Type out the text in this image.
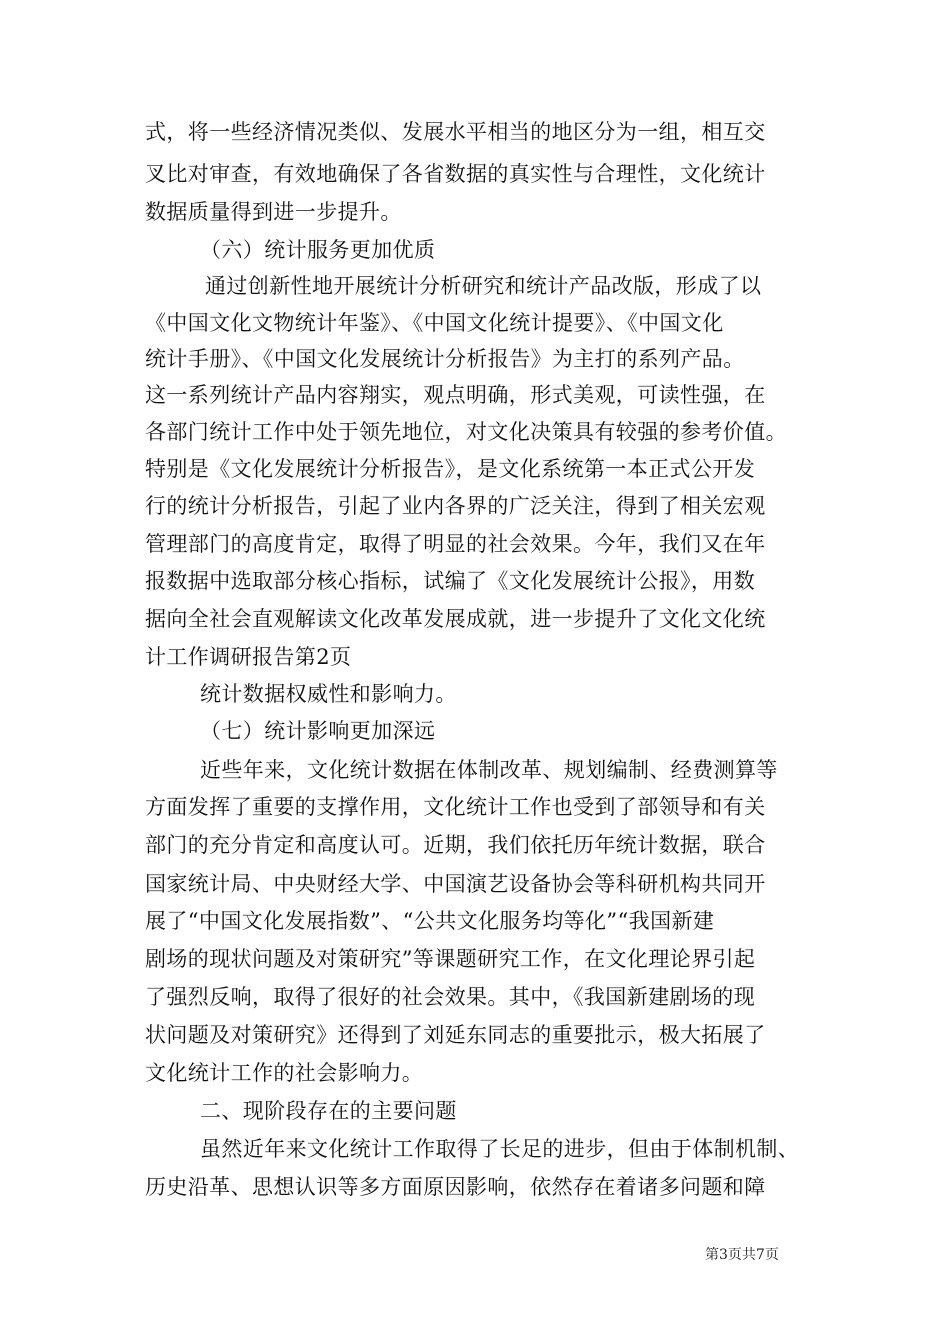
式，将一些经济情况类似、发展水平相当的地区分为一组，相互交
叉比对审查，有效地确保了各省数据的真实性与合理性，文化统计
数据质量得到进一步提升。
（六）统计服务更加优质
通过创新性地开展统计分析研究和统计产品改版，形成了以
《中国文化文物统计年鉴》、《中国文化统计提要》、《中国文化
统计手册》、《中国文化发展统计分析报告》为主打的系列产品。
这一系列统计产品内容翔实，观点明确，形式美观，可读性强，在
各部门统计工作中处于领先地位，对文化决策具有较强的参考价值。
特别是《文化发展统计分析报告》，是文化系统第一本正式公开发
行的统计分析报告，引起了业内各界的广泛关注，得到了相关宏观
管理部门的高度肯定，取得了明显的社会效果。今年，我们又在年
报数据中选取部分核心指标，试编了《文化发展统计公报》，用数
据向全社会直观解读文化改革发展成就，进一步提升了文化文化统
计工作调研报告第2页
统计数据权威性和影响力。
（七）统计影响更加深远
近些年来，文化统计数据在体制改革、规划编制、经费测算等
方面发挥了重要的支撑作用，文化统计工作也受到了部领导和有关
部门的充分肯定和高度认可。近期，我们依托历年统计数据，联合
国家统计局、中央财经大学、中国演艺设备协会等科研机构共同开
展了“中国文化发展指数”、“公共文化服务均等化”“我国新建
剧场的现状问题及对策研究”等课题研究工作，在文化理论界引起
了强烈反响，取得了很好的社会效果。其中，《我国新建剧场的现
状问题及对策研究》还得到了刘延东同志的重要批示，极大拓展了
文化统计工作的社会影响力。
二、现阶段存在的主要问题
虽然近年来文化统计工作取得了长足的进步，但由于体制机制、
历史沿革、思想认识等多方面原因影响，依然存在着诸多问题和障
第3页共7页
